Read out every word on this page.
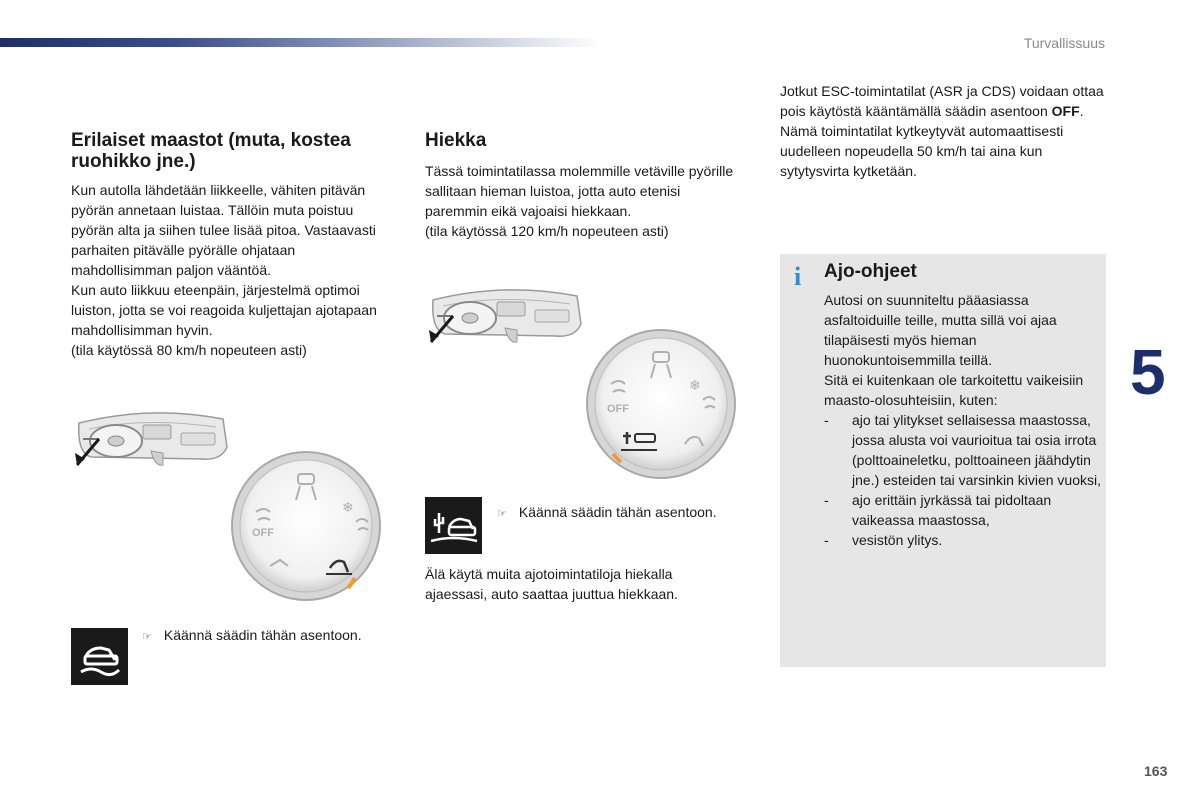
Turvallissuus
5
163
Erilaiset maastot (muta, kostea ruohikko jne.)
Kun autolla lähdetään liikkeelle, vähiten pitävän pyörän annetaan luistaa. Tällöin muta poistuu pyörän alta ja siihen tulee lisää pitoa. Vastaavasti parhaiten pitävälle pyörälle ohjataan mahdollisimman paljon vääntöä.
Kun auto liikkuu eteenpäin, järjestelmä optimoi luiston, jotta se voi reagoida kuljettajan ajotapaan mahdollisimman hyvin.
(tila käytössä 80 km/h nopeuteen asti)
❄
OFF
☞ Käännä säädin tähän asentoon.
Hiekka
Tässä toimintatilassa molemmille vetäville pyörille sallitaan hieman luistoa, jotta auto etenisi paremmin eikä vajoaisi hiekkaan.
(tila käytössä 120 km/h nopeuteen asti)
❄
OFF
☞ Käännä säädin tähän asentoon.
Älä käytä muita ajotoimintatiloja hiekalla ajaessasi, auto saattaa juuttua hiekkaan.
Jotkut ESC-toimintatilat (ASR ja CDS) voidaan ottaa pois käytöstä kääntämällä säädin asentoon OFF.
Nämä toimintatilat kytkeytyvät automaattisesti uudelleen nopeudella 50 km/h tai aina kun sytytysvirta kytketään.
i Ajo-ohjeet
Autosi on suunniteltu pääasiassa asfaltoiduille teille, mutta sillä voi ajaa tilapäisesti myös hieman huonokuntoisemmilla teillä.
Sitä ei kuitenkaan ole tarkoitettu vaikeisiin maasto-olosuhteisiin, kuten:
- ajo tai ylitykset sellaisessa maastossa, jossa alusta voi vaurioitua tai osia irrota (polttoaineletku, polttoaineen jäähdytin jne.) esteiden tai varsinkin kivien vuoksi,
- ajo erittäin jyrkässä tai pidoltaan vaikeassa maastossa,
- vesistön ylitys.
